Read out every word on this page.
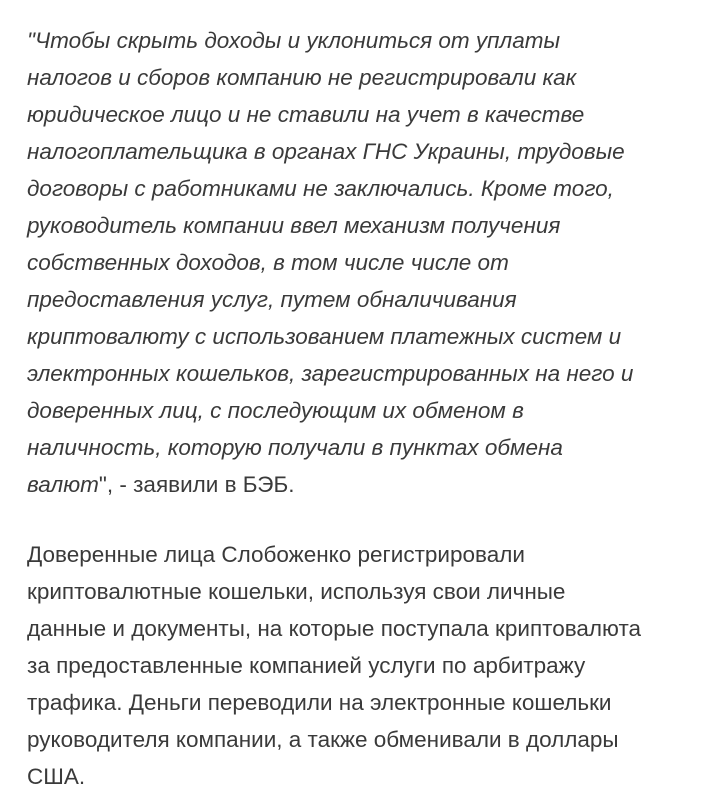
"Чтобы скрыть доходы и уклониться от уплаты
налогов и сборов компанию не регистрировали как
юридическое лицо и не ставили на учет в качестве
налогоплательщика в органах ГНС Украины, трудовые
договоры с работниками не заключались. Кроме того,
руководитель компании ввел механизм получения
собственных доходов, в том числе числе от
предоставления услуг, путем обналичивания
криптовалюту с использованием платежных систем и
электронных кошельков, зарегистрированных на него и
доверенных лиц, с последующим их обменом в
наличность, которую получали в пунктах обмена
валют", - заявили в БЭБ.

Доверенные лица Слобоженко регистрировали
криптовалютные кошельки, используя свои личные
данные и документы, на которые поступала криптовалюта
за предоставленные компанией услуги по арбитражу
трафика. Деньги переводили на электронные кошельки
руководителя компании, а также обменивали в доллары
США.
